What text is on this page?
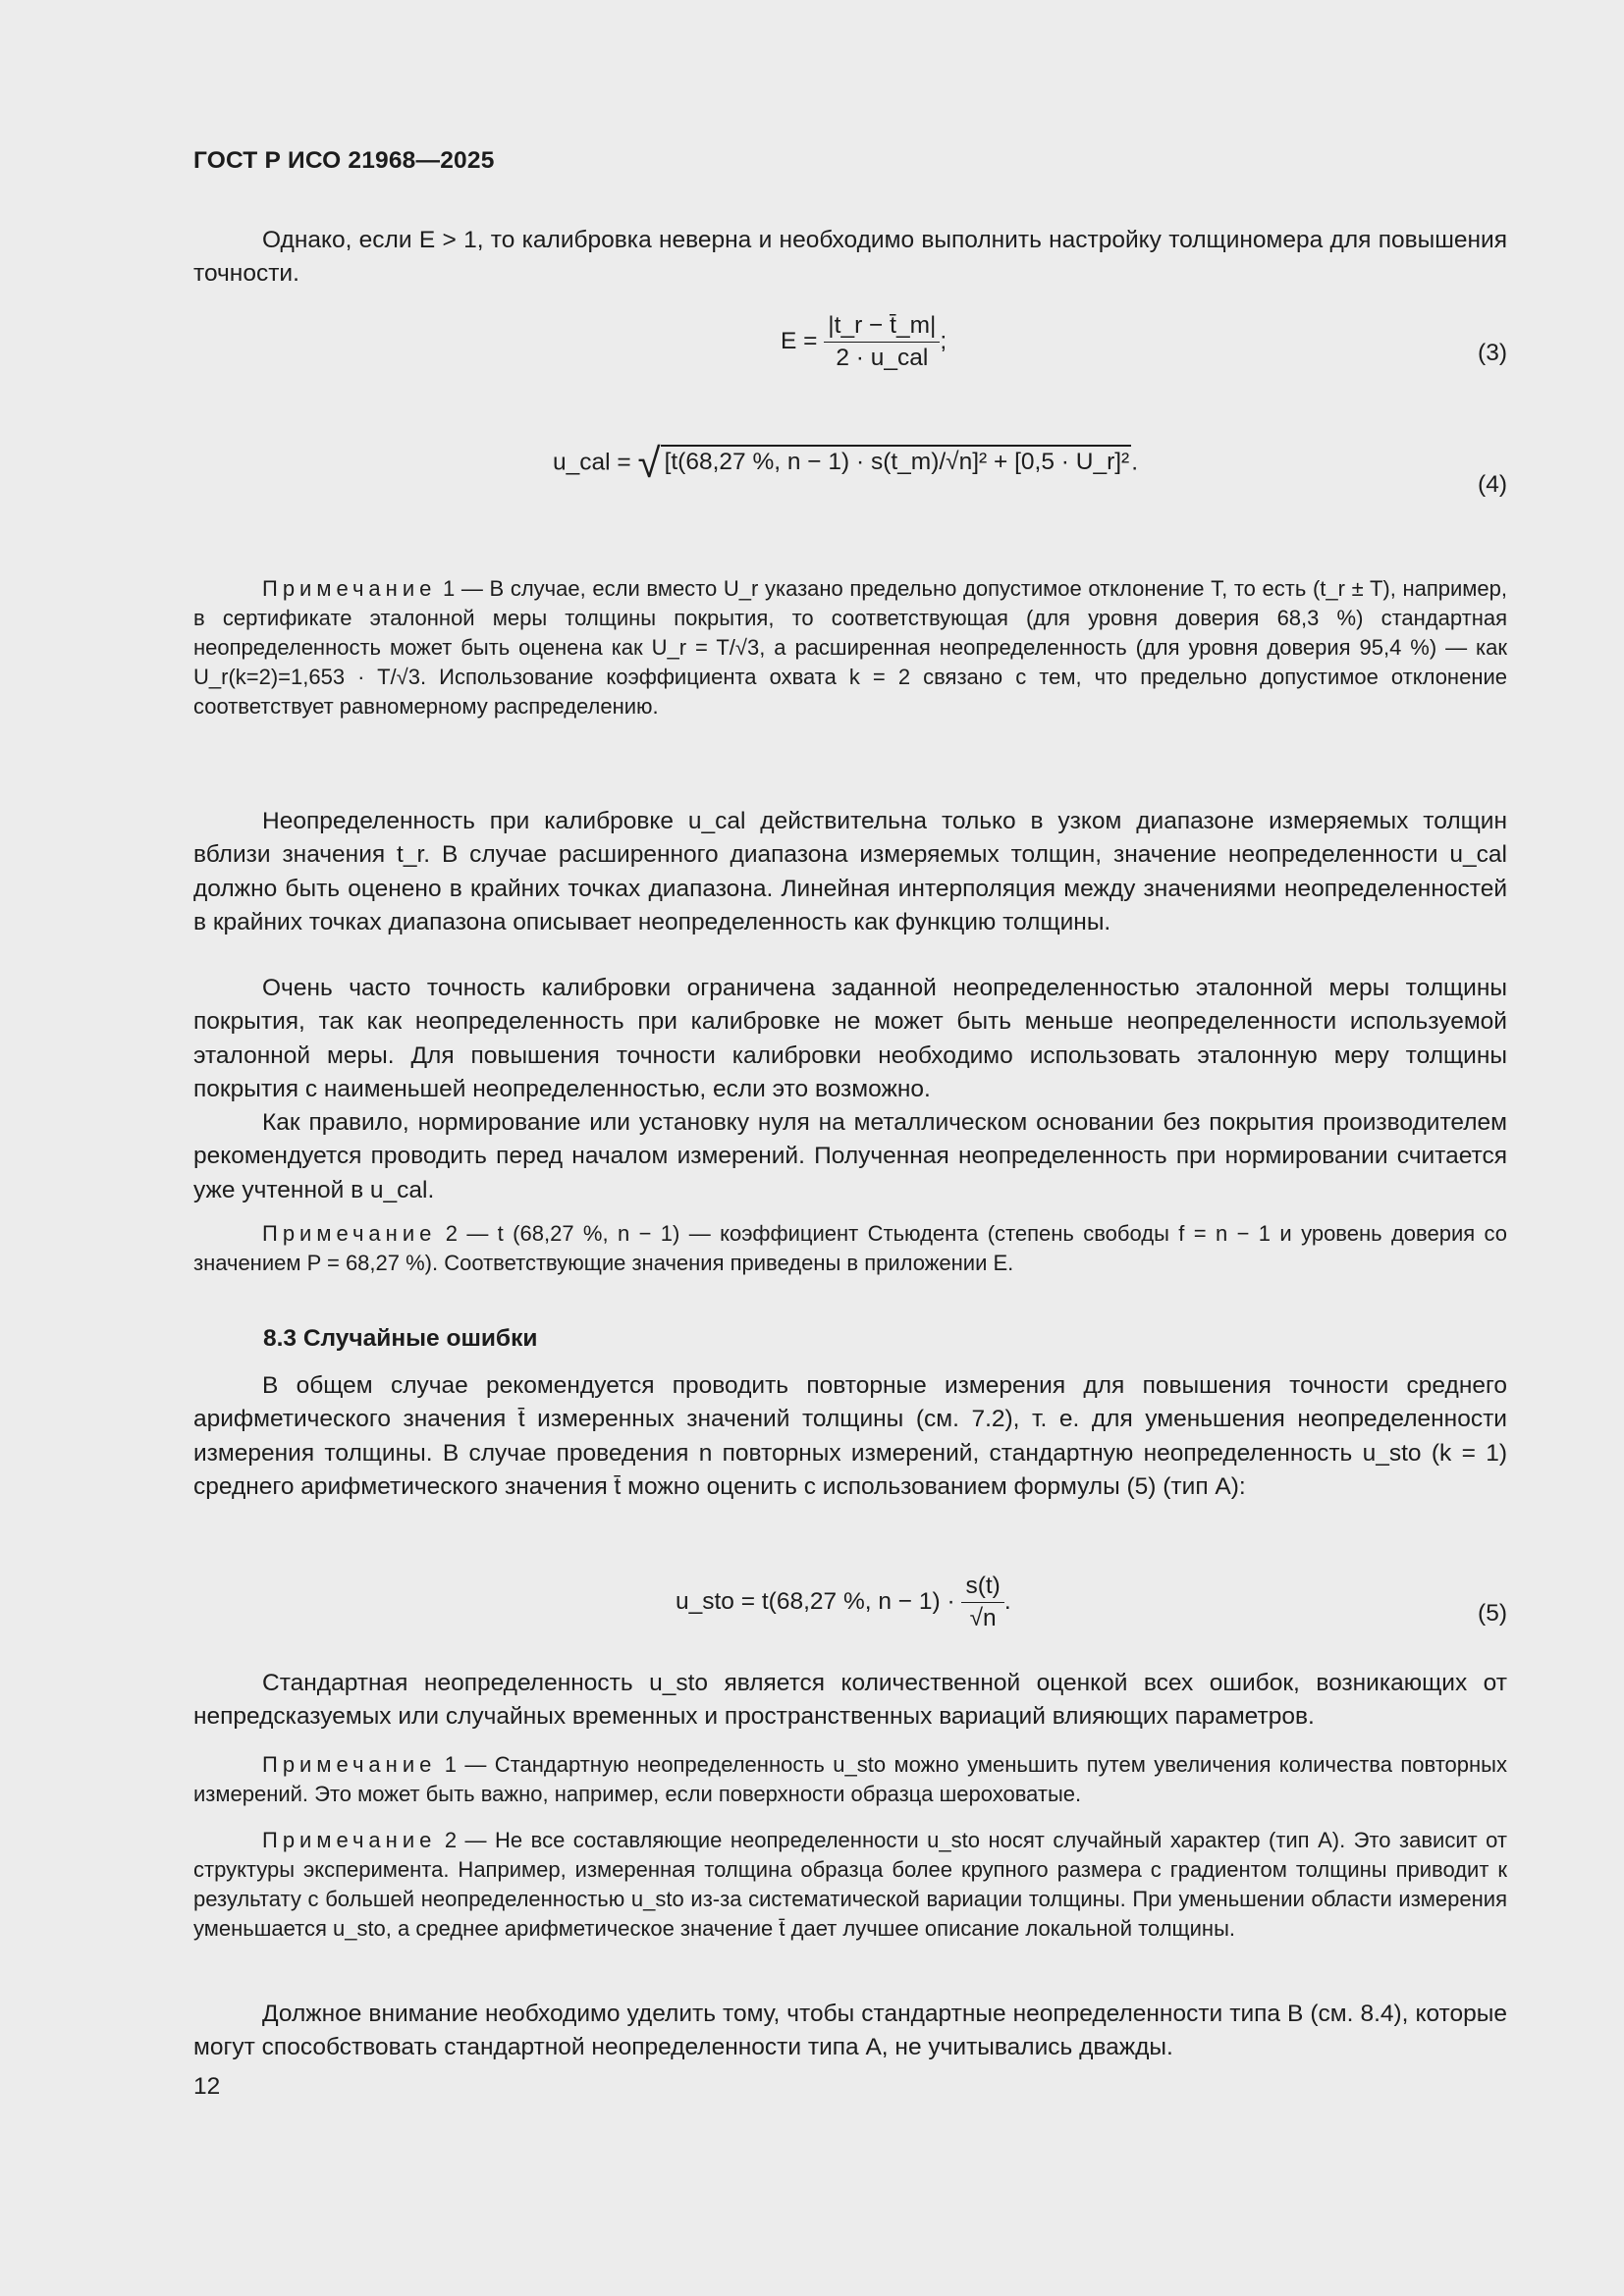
ГОСТ Р ИСО 21968—2025
Однако, если E > 1, то калибровка неверна и необходимо выполнить настройку толщиномера для повышения точности.
$E = \frac{|t\_r - t̄\_m|}{\text{2 · u\_cal}}$ ;	(3)
u_cal = √ [t(68,27 %, n − 1) · s(t_m)/√n]² + [0,5 · U_r]².
(4)
Примечание 1 — В случае, если вместо U_r указано предельно допустимое отклонение T, то есть (t_r ± T), например, в сертификате эталонной меры толщины покрытия, то соответствующая (для уровня доверия 68,3 %) стандартная неопределенность может быть оценена как U_r = T/√3, а расширенная неопределенность (для уровня доверия 95,4 %) — как U_r(k=2)=1,653 · T/√3. Использование коэффициента охвата k = 2 связано с тем, что предельно допустимое отклонение соответствует равномерному распределению.
Неопределенность при калибровке u_cal действительна только в узком диапазоне измеряемых толщин вблизи значения t_r. В случае расширенного диапазона измеряемых толщин, значение неопределенности u_cal должно быть оценено в крайних точках диапазона. Линейная интерполяция между значениями неопределенностей в крайних точках диапазона описывает неопределенность как функцию толщины.
Очень часто точность калибровки ограничена заданной неопределенностью эталонной меры толщины покрытия, так как неопределенность при калибровке не может быть меньше неопределенности используемой эталонной меры. Для повышения точности калибровки необходимо использовать эталонную меру толщины покрытия с наименьшей неопределенностью, если это возможно.
Как правило, нормирование или установку нуля на металлическом основании без покрытия производителем рекомендуется проводить перед началом измерений. Полученная неопределенность при нормировании считается уже учтенной в u_cal.
Примечание 2 — t (68,27 %, n − 1) — коэффициент Стьюдента (степень свободы f = n − 1 и уровень доверия со значением P = 68,27 %). Соответствующие значения приведены в приложении Е.
8.3 Случайные ошибки
В общем случае рекомендуется проводить повторные измерения для повышения точности среднего арифметического значения t̄ измеренных значений толщины (см. 7.2), т. е. для уменьшения неопределенности измерения толщины. В случае проведения n повторных измерений, стандартную неопределенность u_sto (k = 1) среднего арифметического значения t̄ можно оценить с использованием формулы (5) (тип А):
u_sto = t(68,27 %, $n - 1) \cdot \frac{s(t)}{√n}$ .	(5)
Стандартная неопределенность u_sto является количественной оценкой всех ошибок, возникающих от непредсказуемых или случайных временных и пространственных вариаций влияющих параметров.
Примечание 1 — Стандартную неопределенность u_sto можно уменьшить путем увеличения количества повторных измерений. Это может быть важно, например, если поверхности образца шероховатые.
Примечание 2 — Не все составляющие неопределенности u_sto носят случайный характер (тип А). Это зависит от структуры эксперимента. Например, измеренная толщина образца более крупного размера с градиентом толщины приводит к результату с большей неопределенностью u_sto из-за систематической вариации толщины. При уменьшении области измерения уменьшается u_sto, а среднее арифметическое значение t̄ дает лучшее описание локальной толщины.
Должное внимание необходимо уделить тому, чтобы стандартные неопределенности типа В (см. 8.4), которые могут способствовать стандартной неопределенности типа А, не учитывались дважды.
12
